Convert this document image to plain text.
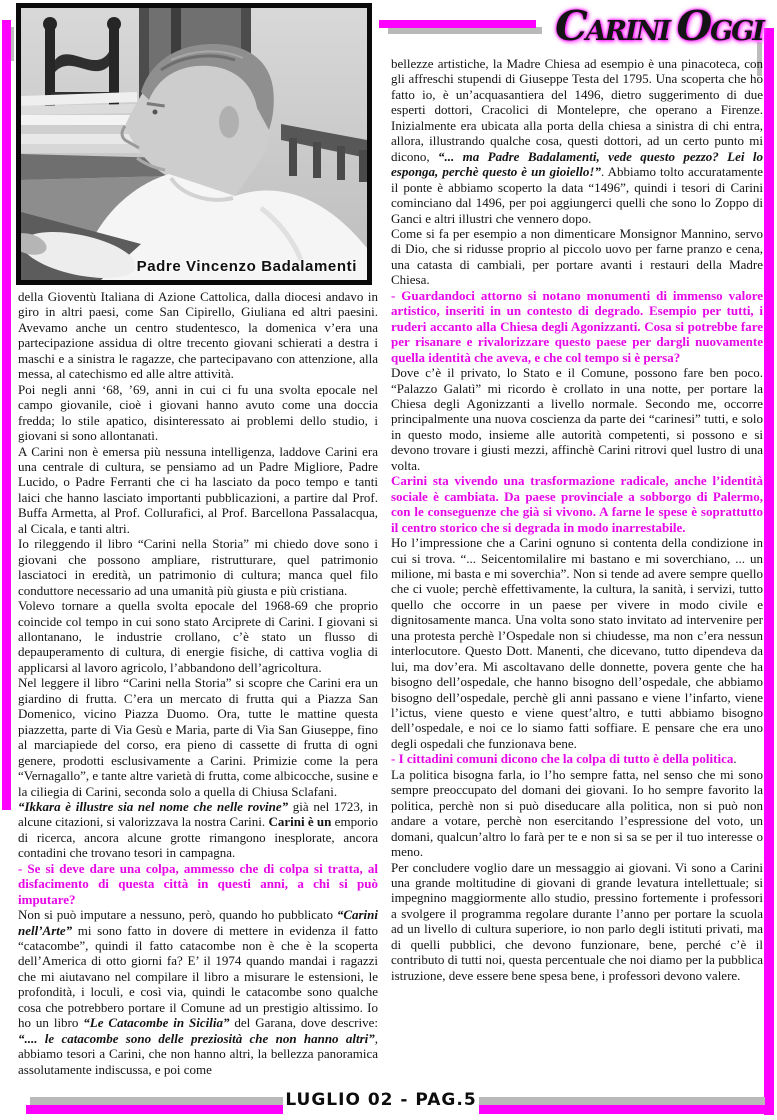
CARINI OGGI
Padre Vincenzo Badalamenti

della Gioventù Italiana di Azione Cattolica, dalla diocesi andavo in giro in altri paesi, come San Cipirello, Giuliana ed altri paesini. Avevamo anche un centro studentesco, la domenica v’era una partecipazione assidua di oltre trecento giovani schierati a destra i maschi e a sinistra le ragazze, che partecipavano con attenzione, alla messa, al catechismo ed alle altre attività.

Poi negli anni ‘68, ’69, anni in cui ci fu una svolta epocale nel campo giovanile, cioè i giovani hanno avuto come una doccia fredda; lo stile apatico, disinteressato ai problemi dello studio, i giovani si sono allontanati.

A Carini non è emersa più nessuna intelligenza, laddove Carini era una centrale di cultura, se pensiamo ad un Padre Migliore, Padre Lucido, o Padre Ferranti che ci ha lasciato da poco tempo e tanti laici che hanno lasciato importanti pubblicazioni, a partire dal Prof. Buffa Armetta, al Prof. Collurafici, al Prof. Barcellona Passalacqua, al Cicala, e tanti altri.

Io rileggendo il libro “Carini nella Storia” mi chiedo dove sono i giovani che possono ampliare, ristrutturare, quel patrimonio lasciatoci in eredità, un patrimonio di cultura; manca quel filo conduttore necessario ad una umanità più giusta e più cristiana.

Volevo tornare a quella svolta epocale del 1968-69 che proprio coincide col tempo in cui sono stato Arciprete di Carini. I giovani si allontanano, le industrie crollano, c’è stato un flusso di depauperamento di cultura, di energie fisiche, di cattiva voglia di applicarsi al lavoro agricolo, l’abbandono dell’agricoltura.

Nel leggere il libro “Carini nella Storia” si scopre che Carini era un giardino di frutta. C’era un mercato di frutta qui a Piazza San Domenico, vicino Piazza Duomo. Ora, tutte le mattine questa piazzetta, parte di Via Gesù e Maria, parte di Via San Giuseppe, fino al marciapiede del corso, era pieno di cassette di frutta di ogni genere, prodotti esclusivamente a Carini. Primizie come la pera “Vernagallo”, e tante altre varietà di frutta, come albicocche, susine e la ciliegia di Carini, seconda solo a quella di Chiusa Sclafani.

“Ikkara è illustre sia nel nome che nelle rovine” già nel 1723, in alcune citazioni, si valorizzava la nostra Carini. Carini è un emporio di ricerca, ancora alcune grotte rimangono inesplorate, ancora contadini che trovano tesori in campagna.

- Se si deve dare una colpa, ammesso che di colpa si tratta, al disfacimento di questa città in questi anni, a chi si può imputare?

Non si può imputare a nessuno, però, quando ho pubblicato “Carini nell’Arte” mi sono fatto in dovere di mettere in evidenza il fatto “catacombe”, quindi il fatto catacombe non è che è la scoperta dell’America di otto giorni fa? E’ il 1974 quando mandai i ragazzi che mi aiutavano nel compilare il libro a misurare le estensioni, le profondità, i loculi, e così via, quindi le catacombe sono qualche cosa che potrebbero portare il Comune ad un prestigio altissimo. Io ho un libro “Le Catacombe in Sicilia” del Garana, dove descrive: “.... le catacombe sono delle preziosità che non hanno altri”, abbiamo tesori a Carini, che non hanno altri, la bellezza panoramica assolutamente indiscussa, e poi come

bellezze artistiche, la Madre Chiesa ad esempio è una pinacoteca, con gli affreschi stupendi di Giuseppe Testa del 1795. Una scoperta che ho fatto io, è un’acquasantiera del 1496, dietro suggerimento di due esperti dottori, Cracolici di Montelepre, che operano a Firenze. Inizialmente era ubicata alla porta della chiesa a sinistra di chi entra, allora, illustrando qualche cosa, questi dottori, ad un certo punto mi dicono, “... ma Padre Badalamenti, vede questo pezzo? Lei lo esponga, perchè questo è un gioiello!”. Abbiamo tolto accuratamente il ponte è abbiamo scoperto la data “1496”, quindi i tesori di Carini cominciano dal 1496, per poi aggiungerci quelli che sono lo Zoppo di Ganci e altri illustri che vennero dopo.

Come si fa per esempio a non dimenticare Monsignor Mannino, servo di Dio, che si ridusse proprio al piccolo uovo per farne pranzo e cena, una catasta di cambiali, per portare avanti i restauri della Madre Chiesa.

- Guardandoci attorno si notano monumenti di immenso valore artistico, inseriti in un contesto di degrado. Esempio per tutti, i ruderi accanto alla Chiesa degli Agonizzanti. Cosa si potrebbe fare per risanare e rivalorizzare questo paese per dargli nuovamente quella identità che aveva, e che col tempo si è persa?

Dove c’è il privato, lo Stato e il Comune, possono fare ben poco. “Palazzo Galatì” mi ricordo è crollato in una notte, per portare la Chiesa degli Agonizzanti a livello normale. Secondo me, occorre principalmente una nuova coscienza da parte dei “carinesi” tutti, e solo in questo modo, insieme alle autorità competenti, si possono e si devono trovare i giusti mezzi, affinchè Carini ritrovi quel lustro di una volta.

Carini sta vivendo una trasformazione radicale, anche l’identità sociale è cambiata. Da paese provinciale a sobborgo di Palermo, con le conseguenze che già si vivono. A farne le spese è soprattutto il centro storico che si degrada in modo inarrestabile.

Ho l’impressione che a Carini ognuno si contenta della condizione in cui si trova. “... Seicentomilalire mi bastano e mi soverchiano, ... un milione, mi basta e mi soverchia”. Non si tende ad avere sempre quello che ci vuole; perchè effettivamente, la cultura, la sanità, i servizi, tutto quello che occorre in un paese per vivere in modo civile e dignitosamente manca. Una volta sono stato invitato ad intervenire per una protesta perchè l’Ospedale non si chiudesse, ma non c’era nessun interlocutore. Questo Dott. Manenti, che dicevano, tutto dipendeva da lui, ma dov’era. Mi ascoltavano delle donnette, povera gente che ha bisogno dell’ospedale, che hanno bisogno dell’ospedale, che abbiamo bisogno dell’ospedale, perchè gli anni passano e viene l’infarto, viene l’ictus, viene questo e viene quest’altro, e tutti abbiamo bisogno dell’ospedale, e noi ce lo siamo fatti soffiare. E pensare che era uno degli ospedali che funzionava bene.

- I cittadini comuni dicono che la colpa di tutto è della politica.

La politica bisogna farla, io l’ho sempre fatta, nel senso che mi sono sempre preoccupato del domani dei giovani. Io ho sempre favorito la politica, perchè non si può diseducare alla politica, non si può non andare a votare, perchè non esercitando l’espressione del voto, un domani, qualcun’altro lo farà per te e non si sa se per il tuo interesse o meno.

Per concludere voglio dare un messaggio ai giovani. Vi sono a Carini una grande moltitudine di giovani di grande levatura intellettuale; si impegnino maggiormente allo studio, pressino fortemente i professori a svolgere il programma regolare durante l’anno per portare la scuola ad un livello di cultura superiore, io non parlo degli istituti privati, ma di quelli pubblici, che devono funzionare, bene, perché c’è il contributo di tutti noi, questa percentuale che noi diamo per la pubblica istruzione, deve essere bene spesa bene, i professori devono valere.

LUGLIO 02 - PAG.5
